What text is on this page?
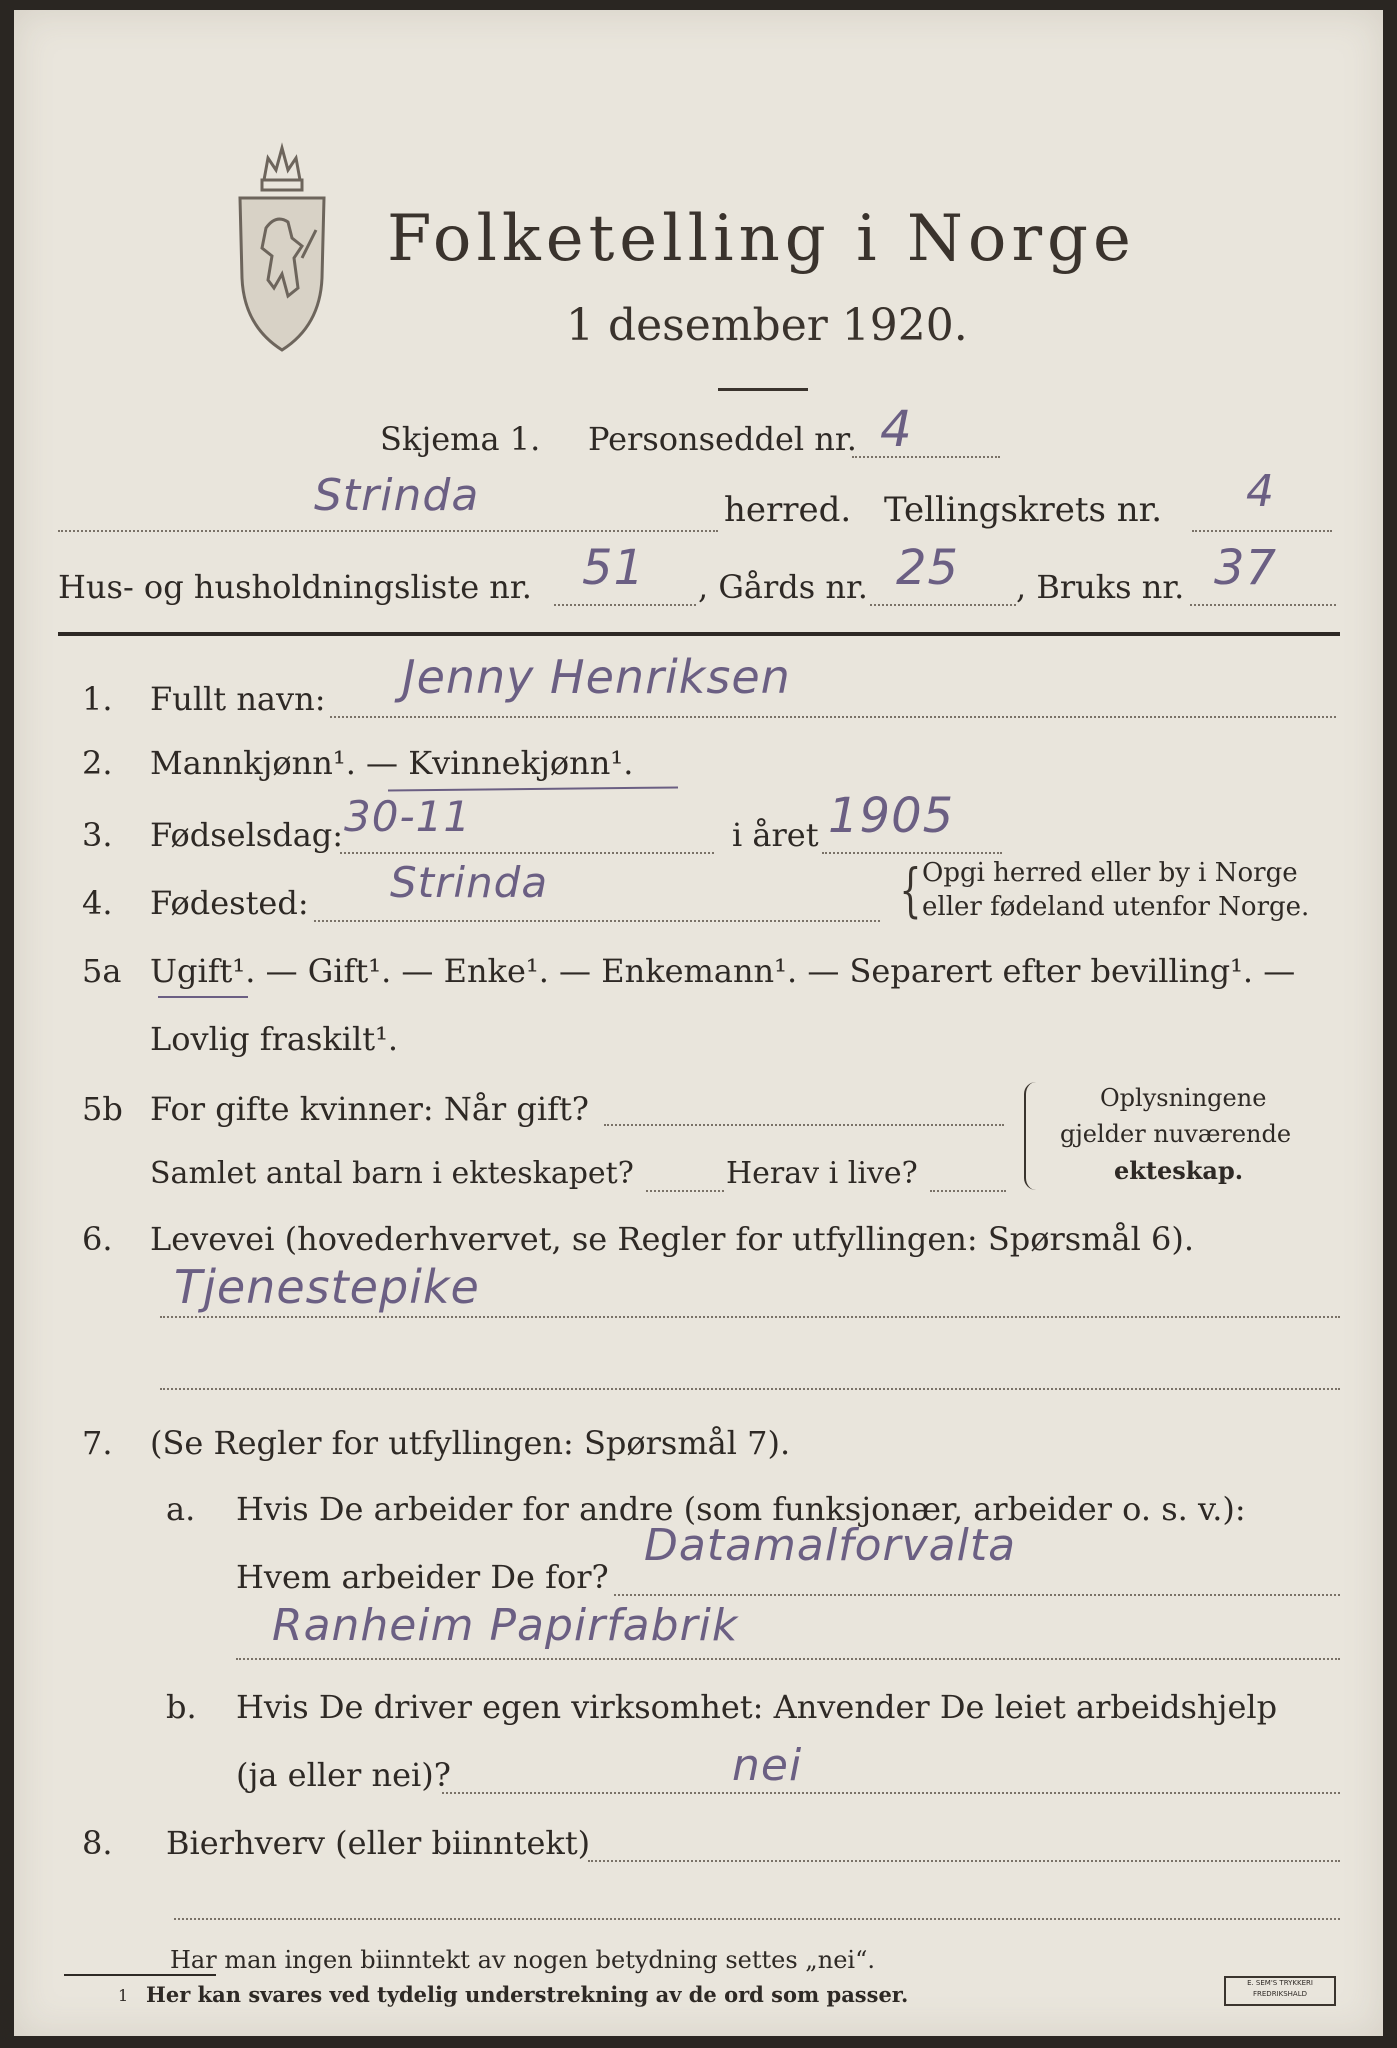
Folketelling i Norge
1 desember 1920.
Skjema 1. Personseddel nr. 4
Strinda	herred. Tellingskrets nr. 4
Hus- og husholdningsliste nr. 51 , Gårds nr. 25 , Bruks nr. 37
1. Fullt navn: Jenny Henriksen
2. Mannkjønn¹. — Kvinnekjønn¹.
3. Fødselsdag: 30-11	i året 1905
4. Fødested: Strinda	{ Opgi herred eller by i Norge
eller fødeland utenfor Norge.
5a Ugift¹. — Gift¹. — Enke¹. — Enkemann¹. — Separert efter bevilling¹. —
Lovlig fraskilt¹.
5b For gifte kvinner: Når gift?
Samlet antal barn i ekteskapet?	Herav i live?
Oplysningene
gjelder nuværende
ekteskap.
6. Levevei (hovederhvervet, se Regler for utfyllingen: Spørsmål 6).
Tjenestepike
7. (Se Regler for utfyllingen: Spørsmål 7).
a. Hvis De arbeider for andre (som funksjonær, arbeider o. s. v.):
Hvem arbeider De for?
Datamalforvalta
Ranheim Papirfabrik
b. Hvis De driver egen virksomhet: Anvender De leiet arbeidshjelp
(ja eller nei)?	nei
8. Bierhverv (eller biinntekt)
Har man ingen biinntekt av nogen betydning settes „nei“.
1 Her kan svares ved tydelig understrekning av de ord som passer.	E. SEM'S TRYKKERI
FREDRIKSHALD
